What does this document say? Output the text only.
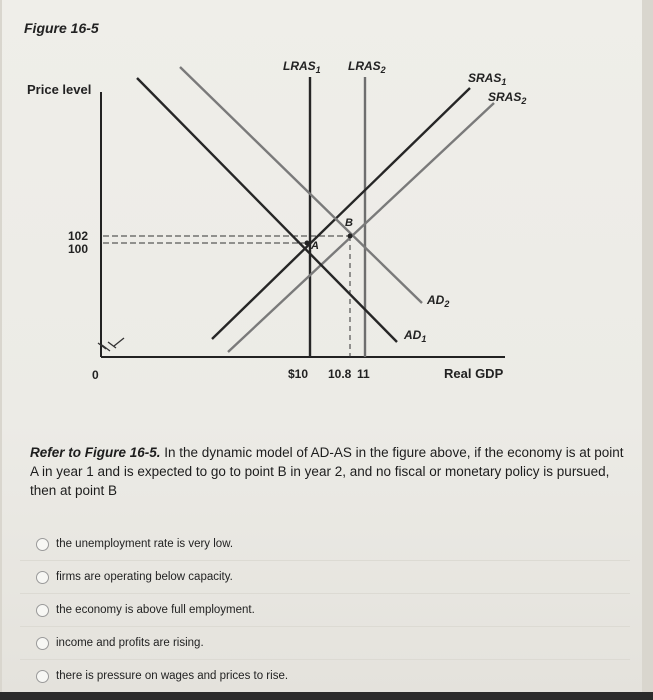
Figure 16-5
Price level
Real GDP
0
102
100
$10 10.8 11
$LRAS_1$ $LRAS_2$
$SRAS_1$
$SRAS_2$
$AD_2$
$AD_1$
A
B
Refer to Figure 16-5. In the dynamic model of AD-AS in the figure above, if the economy is at point A in year 1 and is expected to go to point B in year 2, and no fiscal or monetary policy is pursued, then at point B
the unemployment rate is very low.
firms are operating below capacity.
the economy is above full employment.
income and profits are rising.
there is pressure on wages and prices to rise.
